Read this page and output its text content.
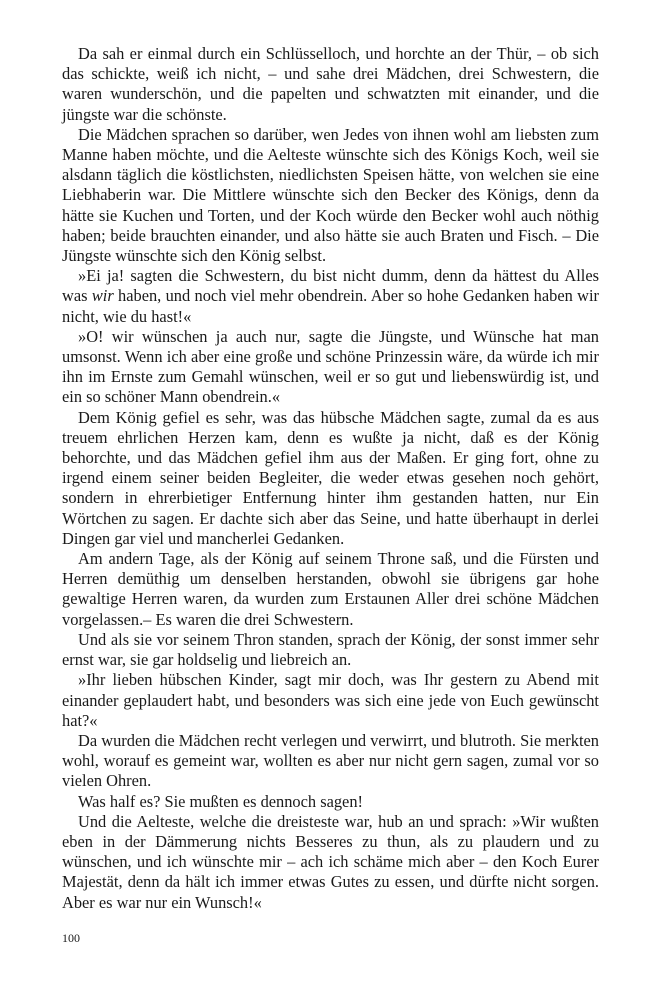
Da sah er einmal durch ein Schlüsselloch, und horchte an der Thür, – ob sich das schickte, weiß ich nicht, – und sahe drei Mädchen, drei Schwestern, die waren wunderschön, und die papelten und schwatzten mit einander, und die jüngste war die schönste.

Die Mädchen sprachen so darüber, wen Jedes von ihnen wohl am liebsten zum Manne haben möchte, und die Aelteste wünschte sich des Königs Koch, weil sie alsdann täglich die köstlichsten, niedlichsten Speisen hätte, von welchen sie eine Liebhaberin war. Die Mittlere wünschte sich den Becker des Königs, denn da hätte sie Kuchen und Torten, und der Koch würde den Becker wohl auch nöthig haben; beide brauchten einander, und also hätte sie auch Braten und Fisch. – Die Jüngste wünschte sich den König selbst.

»Ei ja! sagten die Schwestern, du bist nicht dumm, denn da hättest du Alles was wir haben, und noch viel mehr obendrein. Aber so hohe Gedanken haben wir nicht, wie du hast!«

»O! wir wünschen ja auch nur, sagte die Jüngste, und Wünsche hat man umsonst. Wenn ich aber eine große und schöne Prinzessin wäre, da würde ich mir ihn im Ernste zum Gemahl wünschen, weil er so gut und liebenswürdig ist, und ein so schöner Mann obendrein.«

Dem König gefiel es sehr, was das hübsche Mädchen sagte, zumal da es aus treuem ehrlichen Herzen kam, denn es wußte ja nicht, daß es der König behorchte, und das Mädchen gefiel ihm aus der Maßen. Er ging fort, ohne zu irgend einem seiner beiden Begleiter, die weder etwas gesehen noch gehört, sondern in ehrerbietiger Entfernung hinter ihm gestanden hatten, nur Ein Wörtchen zu sagen. Er dachte sich aber das Seine, und hatte überhaupt in derlei Dingen gar viel und mancherlei Gedanken.

Am andern Tage, als der König auf seinem Throne saß, und die Fürsten und Herren demüthig um denselben herstanden, obwohl sie übrigens gar hohe gewaltige Herren waren, da wurden zum Erstaunen Aller drei schöne Mädchen vorgelassen.– Es waren die drei Schwestern.

Und als sie vor seinem Thron standen, sprach der König, der sonst immer sehr ernst war, sie gar holdselig und liebreich an.

»Ihr lieben hübschen Kinder, sagt mir doch, was Ihr gestern zu Abend mit einander geplaudert habt, und besonders was sich eine jede von Euch gewünscht hat?«

Da wurden die Mädchen recht verlegen und verwirrt, und blutroth. Sie merkten wohl, worauf es gemeint war, wollten es aber nur nicht gern sagen, zumal vor so vielen Ohren.

Was half es? Sie mußten es dennoch sagen!

Und die Aelteste, welche die dreisteste war, hub an und sprach: »Wir wußten eben in der Dämmerung nichts Besseres zu thun, als zu plaudern und zu wünschen, und ich wünschte mir – ach ich schäme mich aber – den Koch Eurer Majestät, denn da hält ich immer etwas Gutes zu essen, und dürfte nicht sorgen. Aber es war nur ein Wunsch!«

100
